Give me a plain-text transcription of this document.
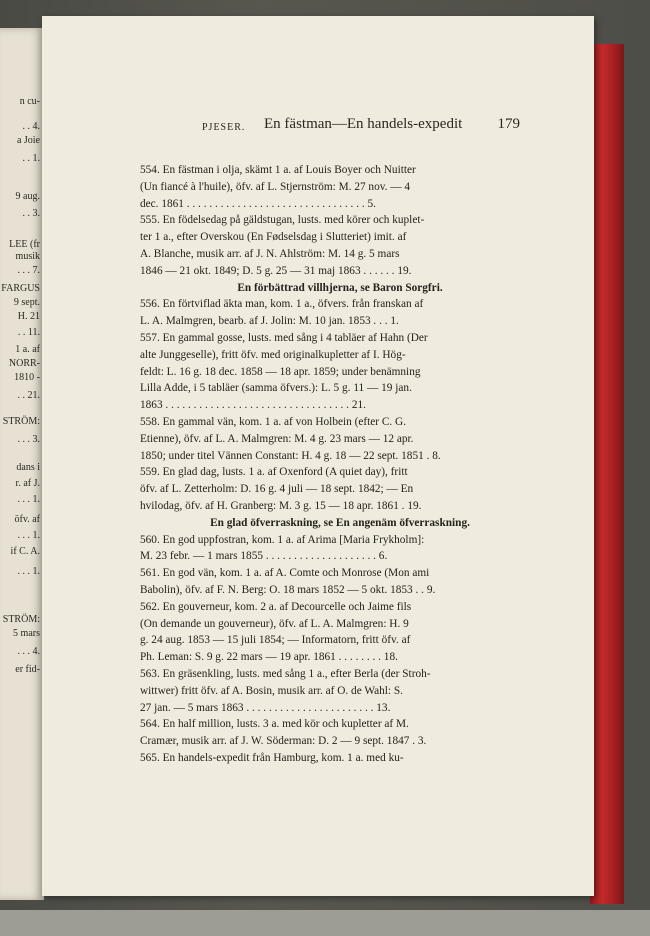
n cu-
. . 4.
a Joie
. . 1.
9 aug.
. . 3.
LEE (fr
musik
. . . 7.
FARGUS
9 sept.
H. 21
. . 11.
1 a. af
NORR-
1810 -
. . 21.
STRÖM:
. . . 3.
dans i
r. af J.
. . . 1.
öfv. af
. . . 1.
if C. A.
. . . 1.
STRÖM:
5 mars
. . . 4.
er fid-
PJESER. En fästman—En handels-expedit 179
554. En fästman i olja, skämt 1 a. af Louis Boyer och Nuitter
(Un fiancé à l'huile), öfv. af L. Stjernström: M. 27 nov. — 4
dec. 1861 . . . . . . . . . . . . . . . . . . . . . . . . . . . . . . . . 5.
555. En födelsedag på gäldstugan, lusts. med körer och kuplet-
ter 1 a., efter Overskou (En Fødselsdag i Slutteriet) imit. af
A. Blanche, musik arr. af J. N. Ahlström: M. 14 g. 5 mars
1846 — 21 okt. 1849; D. 5 g. 25 — 31 maj 1863 . . . . . . 19.
En förbättrad villhjerna, se Baron Sorgfri.
556. En förtviflad äkta man, kom. 1 a., öfvers. från franskan af
L. A. Malmgren, bearb. af J. Jolin: M. 10 jan. 1853 . . . 1.
557. En gammal gosse, lusts. med sång i 4 tabläer af Hahn (Der
alte Junggeselle), fritt öfv. med originalkupletter af I. Hög-
feldt: L. 16 g. 18 dec. 1858 — 18 apr. 1859; under benämning
Lilla Adde, i 5 tabläer (samma öfvers.): L. 5 g. 11 — 19 jan.
1863 . . . . . . . . . . . . . . . . . . . . . . . . . . . . . . . . . 21.
558. En gammal vän, kom. 1 a. af von Holbein (efter C. G.
Etienne), öfv. af L. A. Malmgren: M. 4 g. 23 mars — 12 apr.
1850; under titel Vännen Constant: H. 4 g. 18 — 22 sept. 1851 . 8.
559. En glad dag, lusts. 1 a. af Oxenford (A quiet day), fritt
öfv. af L. Zetterholm: D. 16 g. 4 juli — 18 sept. 1842; — En
hvilodag, öfv. af H. Granberg: M. 3 g. 15 — 18 apr. 1861 . 19.
En glad öfverraskning, se En angenäm öfverraskning.
560. En god uppfostran, kom. 1 a. af Arima [Maria Frykholm]:
M. 23 febr. — 1 mars 1855 . . . . . . . . . . . . . . . . . . . . 6.
561. En god vän, kom. 1 a. af A. Comte och Monrose (Mon ami
Babolin), öfv. af F. N. Berg: O. 18 mars 1852 — 5 okt. 1853 . . 9.
562. En gouverneur, kom. 2 a. af Decourcelle och Jaime fils
(On demande un gouverneur), öfv. af L. A. Malmgren: H. 9
g. 24 aug. 1853 — 15 juli 1854; — Informatorn, fritt öfv. af
Ph. Leman: S. 9 g. 22 mars — 19 apr. 1861 . . . . . . . . 18.
563. En gräsenkling, lusts. med sång 1 a., efter Berla (der Stroh-
wittwer) fritt öfv. af A. Bosin, musik arr. af O. de Wahl: S.
27 jan. — 5 mars 1863 . . . . . . . . . . . . . . . . . . . . . . . 13.
564. En half million, lusts. 3 a. med kör och kupletter af M.
Cramær, musik arr. af J. W. Söderman: D. 2 — 9 sept. 1847 . 3.
565. En handels-expedit från Hamburg, kom. 1 a. med ku-
